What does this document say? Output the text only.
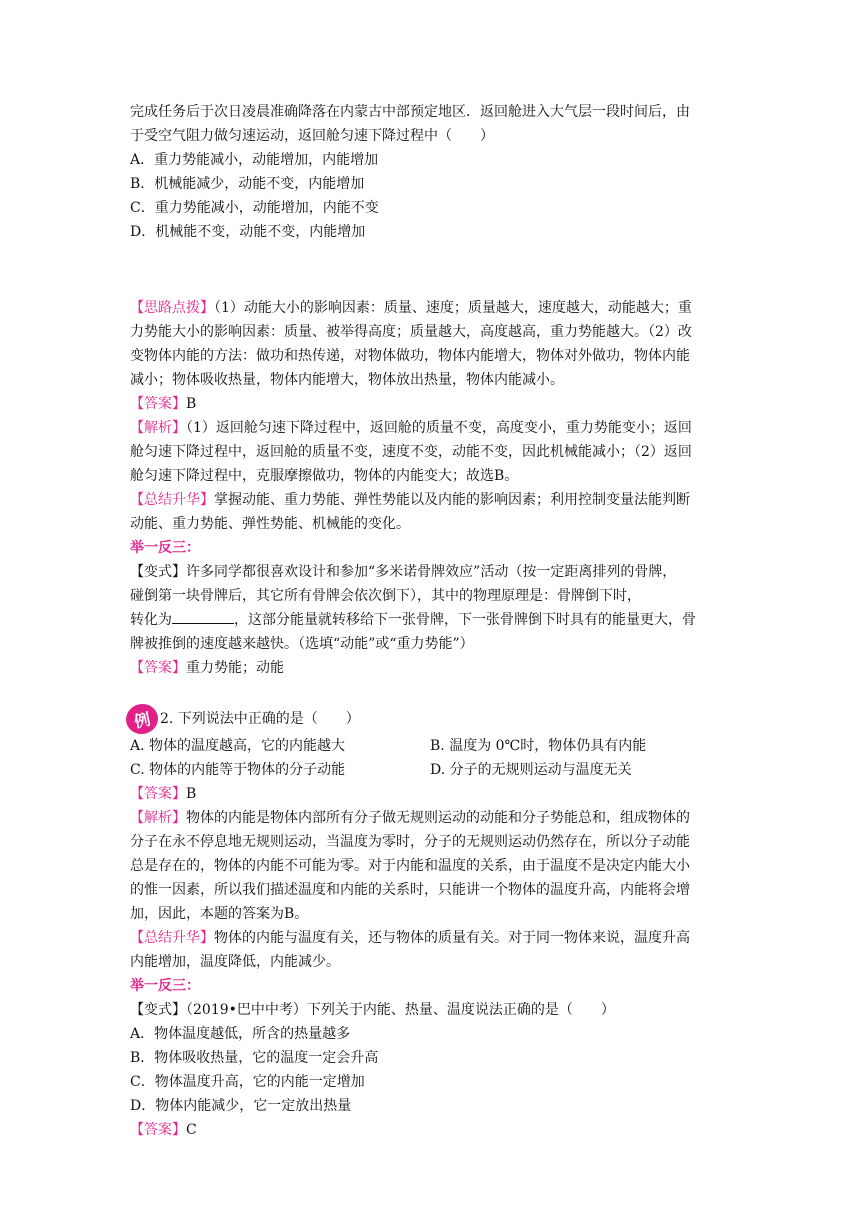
完成任务后于次日凌晨准确降落在内蒙古中部预定地区．返回舱进入大气层一段时间后，由

于受空气阻力做匀速运动，返回舱匀速下降过程中（　　）

A．重力势能减小，动能增加，内能增加

B．机械能减少，动能不变，内能增加

C．重力势能减小，动能增加，内能不变

D．机械能不变，动能不变，内能增加

【思路点拨】（1）动能大小的影响因素：质量、速度；质量越大，速度越大，动能越大；重

力势能大小的影响因素：质量、被举得高度；质量越大，高度越高，重力势能越大。（2）改

变物体内能的方法：做功和热传递，对物体做功，物体内能增大，物体对外做功，物体内能

减小；物体吸收热量，物体内能增大，物体放出热量，物体内能减小。

【答案】B

【解析】（1）返回舱匀速下降过程中，返回舱的质量不变，高度变小，重力势能变小；返回

舱匀速下降过程中，返回舱的质量不变，速度不变，动能不变，因此机械能减小；（2）返回

舱匀速下降过程中，克服摩擦做功，物体的内能变大；故选B。

【总结升华】掌握动能、重力势能、弹性势能以及内能的影响因素；利用控制变量法能判断

动能、重力势能、弹性势能、机械能的变化。

举一反三：

【变式】许多同学都很喜欢设计和参加“多米诺骨牌效应”活动（按一定距离排列的骨牌，

碰倒第一块骨牌后，其它所有骨牌会依次倒下），其中的物理原理是：骨牌倒下时，

转化为	，这部分能量就转移给下一张骨牌，下一张骨牌倒下时具有的能量更大，骨

牌被推倒的速度越来越快。（选填“动能”或“重力势能”）

【答案】重力势能；动能

例 2. 下列说法中正确的是（　　）

A. 物体的温度越高，它的内能越大	B. 温度为 0℃时，物体仍具有内能

C. 物体的内能等于物体的分子动能	D. 分子的无规则运动与温度无关

【答案】B

【解析】物体的内能是物体内部所有分子做无规则运动的动能和分子势能总和，组成物体的

分子在永不停息地无规则运动，当温度为零时，分子的无规则运动仍然存在，所以分子动能

总是存在的，物体的内能不可能为零。对于内能和温度的关系，由于温度不是决定内能大小

的惟一因素，所以我们描述温度和内能的关系时，只能讲一个物体的温度升高，内能将会增

加，因此，本题的答案为B。

【总结升华】物体的内能与温度有关，还与物体的质量有关。对于同一物体来说，温度升高

内能增加，温度降低，内能减少。

举一反三：

【变式】（2019•巴中中考）下列关于内能、热量、温度说法正确的是（　　）

A．物体温度越低，所含的热量越多

B．物体吸收热量，它的温度一定会升高

C．物体温度升高，它的内能一定增加

D．物体内能减少，它一定放出热量

【答案】C
